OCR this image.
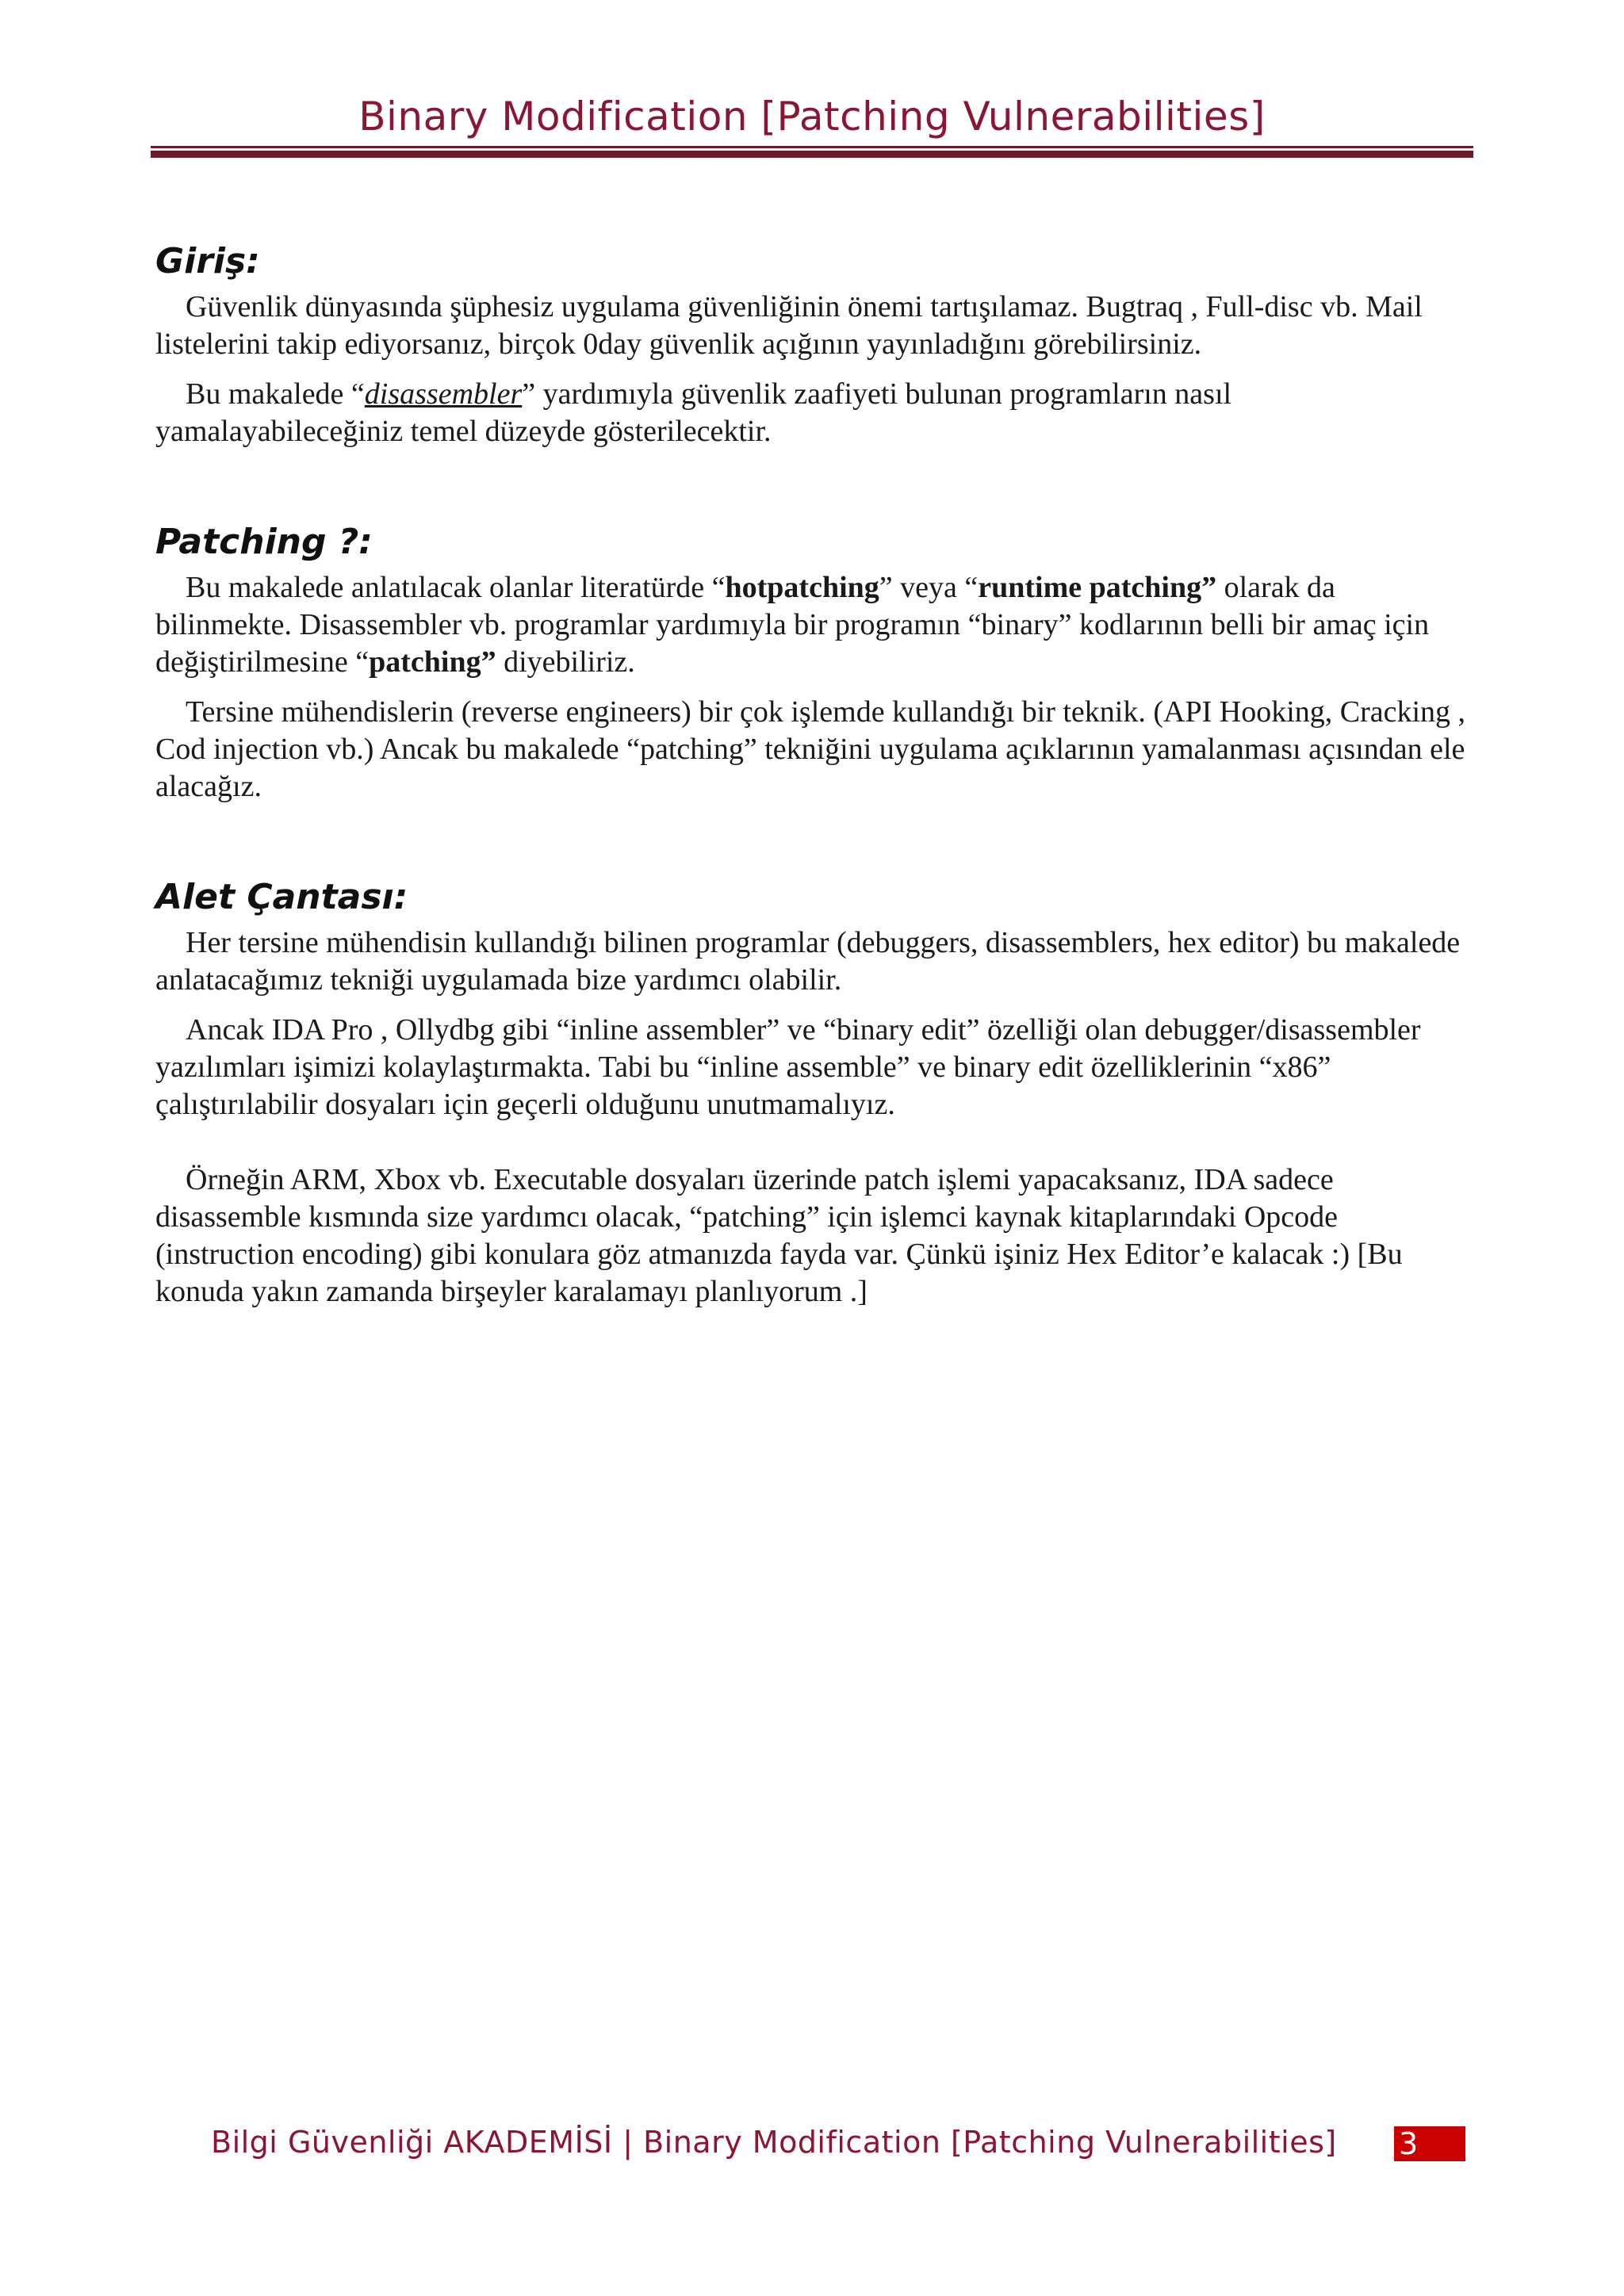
Binary Modification [Patching Vulnerabilities]
Giriş:

Güvenlik dünyasında şüphesiz uygulama güvenliğinin önemi tartışılamaz. Bugtraq , Full-disc vb. Mail listelerini takip ediyorsanız, birçok 0day güvenlik açığının yayınladığını görebilirsiniz.

Bu makalede “disassembler” yardımıyla güvenlik zaafiyeti bulunan programların nasıl yamalayabileceğiniz temel düzeyde gösterilecektir.

Patching ?:

Bu makalede anlatılacak olanlar literatürde “hotpatching” veya “runtime patching” olarak da bilinmekte. Disassembler vb. programlar yardımıyla bir programın “binary” kodlarının belli bir amaç için değiştirilmesine “patching” diyebiliriz.

Tersine mühendislerin (reverse engineers) bir çok işlemde kullandığı bir teknik. (API Hooking, Cracking , Cod injection vb.) Ancak bu makalede “patching” tekniğini uygulama açıklarının yamalanması açısından ele alacağız.

Alet Çantası:

Her tersine mühendisin kullandığı bilinen programlar (debuggers, disassemblers, hex editor) bu makalede anlatacağımız tekniği uygulamada bize yardımcı olabilir.

Ancak IDA Pro , Ollydbg gibi “inline assembler” ve “binary edit” özelliği olan debugger/disassembler yazılımları işimizi kolaylaştırmakta. Tabi bu “inline assemble” ve binary edit özelliklerinin “x86” çalıştırılabilir dosyaları için geçerli olduğunu unutmamalıyız.

Örneğin ARM, Xbox vb. Executable dosyaları üzerinde patch işlemi yapacaksanız, IDA sadece disassemble kısmında size yardımcı olacak, “patching” için işlemci kaynak kitaplarındaki Opcode (instruction encoding) gibi konulara göz atmanızda fayda var. Çünkü işiniz Hex Editor’e kalacak :) [Bu konuda yakın zamanda birşeyler karalamayı planlıyorum .]

Bilgi Güvenliği AKADEMİSİ | Binary Modification [Patching Vulnerabilities] 3
